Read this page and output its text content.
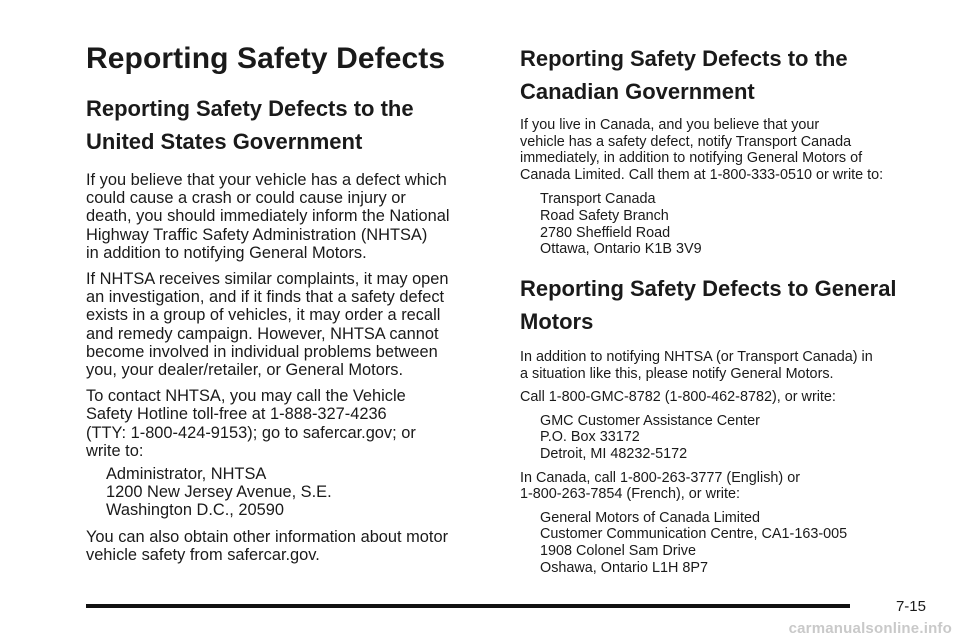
Reporting Safety Defects
Reporting Safety Defects to the
United States Government

If you believe that your vehicle has a defect which
could cause a crash or could cause injury or
death, you should immediately inform the National
Highway Traffic Safety Administration (NHTSA)
in addition to notifying General Motors.

If NHTSA receives similar complaints, it may open
an investigation, and if it finds that a safety defect
exists in a group of vehicles, it may order a recall
and remedy campaign. However, NHTSA cannot
become involved in individual problems between
you, your dealer/retailer, or General Motors.

To contact NHTSA, you may call the Vehicle
Safety Hotline toll-free at 1-888-327-4236
(TTY: 1-800-424-9153); go to safercar.gov; or
write to:

Administrator, NHTSA
1200 New Jersey Avenue, S.E.
Washington D.C., 20590

You can also obtain other information about motor
vehicle safety from safercar.gov.

Reporting Safety Defects to the
Canadian Government

If you live in Canada, and you believe that your
vehicle has a safety defect, notify Transport Canada
immediately, in addition to notifying General Motors of
Canada Limited. Call them at 1-800-333-0510 or write to:

Transport Canada
Road Safety Branch
2780 Sheffield Road
Ottawa, Ontario K1B 3V9

Reporting Safety Defects to General
Motors

In addition to notifying NHTSA (or Transport Canada) in
a situation like this, please notify General Motors.

Call 1-800-GMC-8782 (1-800-462-8782), or write:

GMC Customer Assistance Center
P.O. Box 33172
Detroit, MI 48232-5172

In Canada, call 1-800-263-3777 (English) or
1-800-263-7854 (French), or write:

General Motors of Canada Limited
Customer Communication Centre, CA1-163-005
1908 Colonel Sam Drive
Oshawa, Ontario L1H 8P7

7-15
carmanualsonline.info
